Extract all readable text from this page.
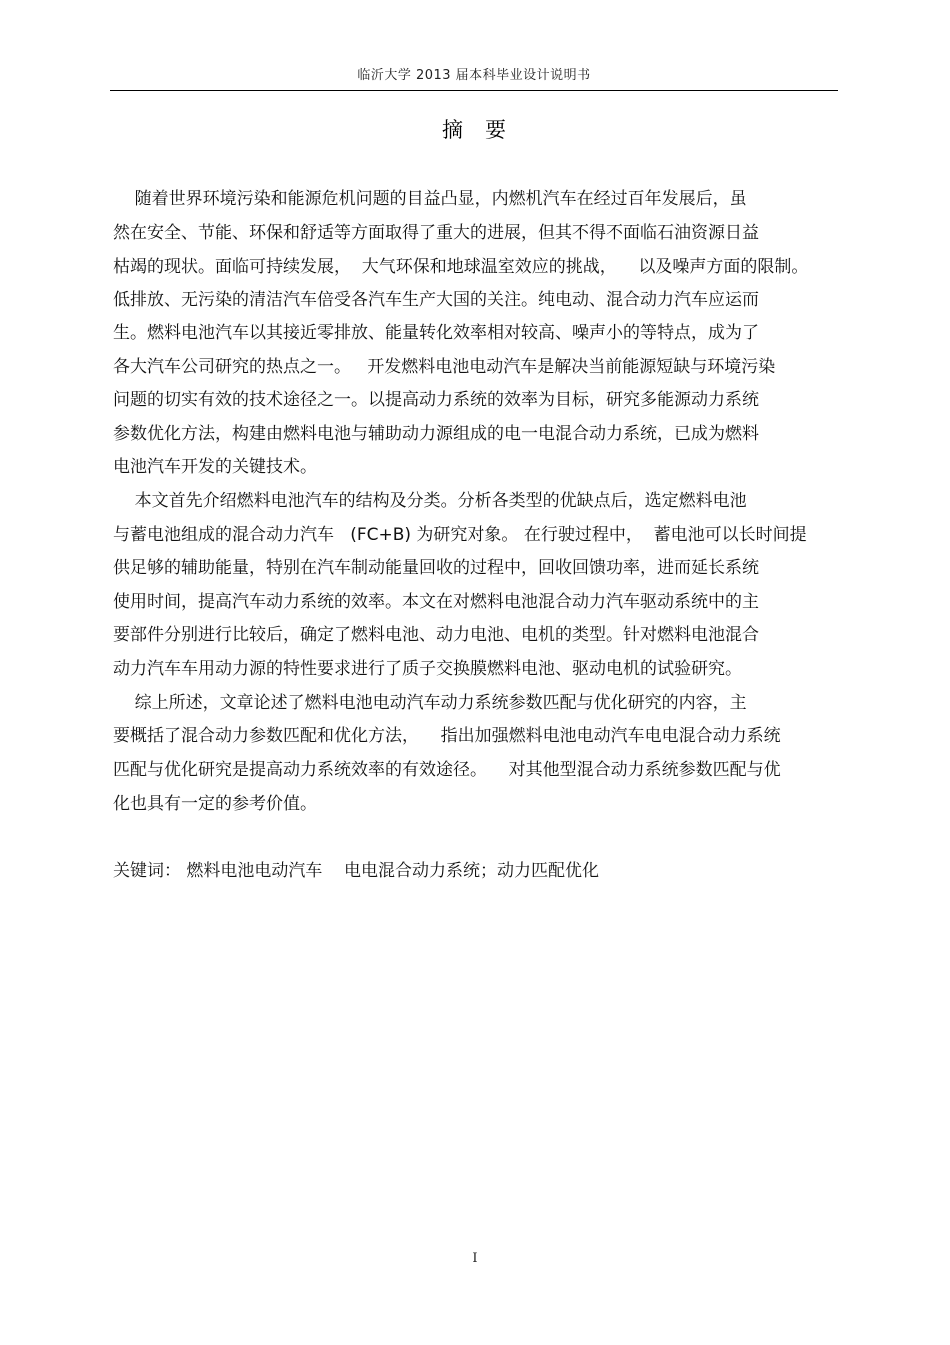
临沂大学 2013 届本科毕业设计说明书
摘要
随着世界环境污染和能源危机问题的目益凸显，内燃机汽车在经过百年发展后，虽
然在安全、节能、环保和舒适等方面取得了重大的进展，但其不得不面临石油资源日益
枯竭的现状。面临可持续发展，  大气环保和地球温室效应的挑战，    以及噪声方面的限制。
低排放、无污染的清洁汽车倍受各汽车生产大国的关注。纯电动、混合动力汽车应运而
生。燃料电池汽车以其接近零排放、能量转化效率相对较高、噪声小的等特点，成为了
各大汽车公司研究的热点之一。   开发燃料电池电动汽车是解决当前能源短缺与环境污染
问题的切实有效的技术途径之一。以提高动力系统的效率为目标，研究多能源动力系统
参数优化方法，构建由燃料电池与辅助动力源组成的电一电混合动力系统，已成为燃料
电池汽车开发的关键技术。
本文首先介绍燃料电池汽车的结构及分类。分析各类型的优缺点后，选定燃料电池
与蓄电池组成的混合动力汽车   (FC+B) 为研究对象。 在行驶过程中，  蓄电池可以长时间提
供足够的辅助能量，特别在汽车制动能量回收的过程中，回收回馈功率，进而延长系统
使用时间，提高汽车动力系统的效率。本文在对燃料电池混合动力汽车驱动系统中的主
要部件分别进行比较后，确定了燃料电池、动力电池、电机的类型。针对燃料电池混合
动力汽车车用动力源的特性要求进行了质子交换膜燃料电池、驱动电机的试验研究。
综上所述，文章论述了燃料电池电动汽车动力系统参数匹配与优化研究的内容，主
要概括了混合动力参数匹配和优化方法，    指出加强燃料电池电动汽车电电混合动力系统
匹配与优化研究是提高动力系统效率的有效途径。    对其他型混合动力系统参数匹配与优
化也具有一定的参考价值。
关键词： 燃料电池电动汽车    电电混合动力系统；动力匹配优化
I
